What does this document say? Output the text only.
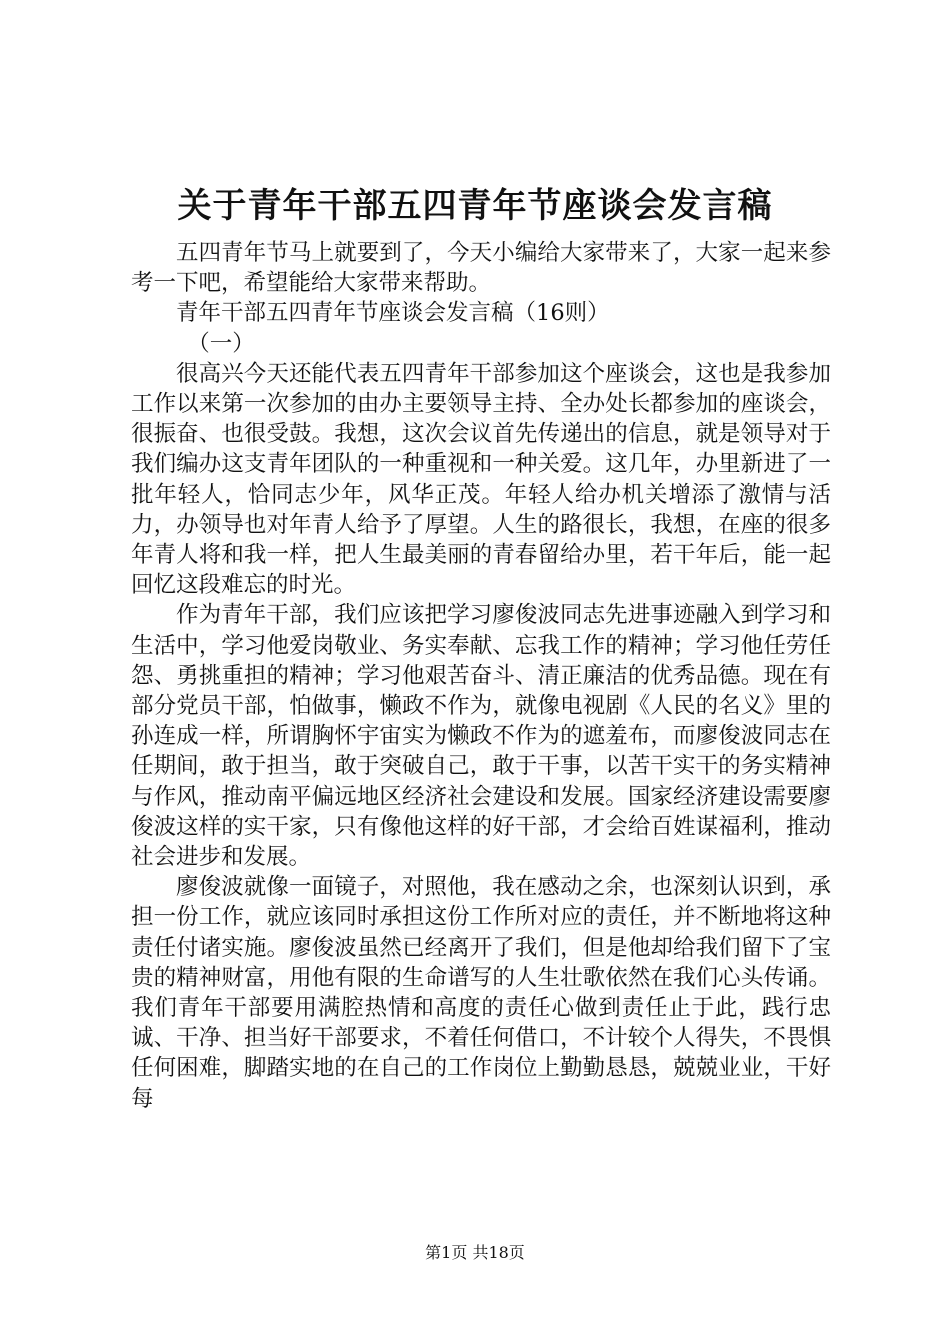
关于青年干部五四青年节座谈会发言稿

五四青年节马上就要到了，今天小编给大家带来了，大家一起来参考一下吧，希望能给大家带来帮助。

青年干部五四青年节座谈会发言稿（16则）

（一）

很高兴今天还能代表五四青年干部参加这个座谈会，这也是我参加工作以来第一次参加的由办主要领导主持、全办处长都参加的座谈会，很振奋、也很受鼓。我想，这次会议首先传递出的信息，就是领导对于我们编办这支青年团队的一种重视和一种关爱。这几年，办里新进了一批年轻人，恰同志少年，风华正茂。年轻人给办机关增添了激情与活力，办领导也对年青人给予了厚望。人生的路很长，我想，在座的很多年青人将和我一样，把人生最美丽的青春留给办里，若干年后，能一起回忆这段难忘的时光。

作为青年干部，我们应该把学习廖俊波同志先进事迹融入到学习和生活中，学习他爱岗敬业、务实奉献、忘我工作的精神；学习他任劳任怨、勇挑重担的精神；学习他艰苦奋斗、清正廉洁的优秀品德。现在有部分党员干部，怕做事，懒政不作为，就像电视剧《人民的名义》里的孙连成一样，所谓胸怀宇宙实为懒政不作为的遮羞布，而廖俊波同志在任期间，敢于担当，敢于突破自己，敢于干事，以苦干实干的务实精神与作风，推动南平偏远地区经济社会建设和发展。国家经济建设需要廖俊波这样的实干家，只有像他这样的好干部，才会给百姓谋福利，推动社会进步和发展。

廖俊波就像一面镜子，对照他，我在感动之余，也深刻认识到，承担一份工作，就应该同时承担这份工作所对应的责任，并不断地将这种责任付诸实施。廖俊波虽然已经离开了我们，但是他却给我们留下了宝贵的精神财富，用他有限的生命谱写的人生壮歌依然在我们心头传诵。我们青年干部要用满腔热情和高度的责任心做到责任止于此，践行忠诚、干净、担当好干部要求，不着任何借口，不计较个人得失，不畏惧任何困难，脚踏实地的在自己的工作岗位上勤勤恳恳，兢兢业业，干好每

第1页 共18页
